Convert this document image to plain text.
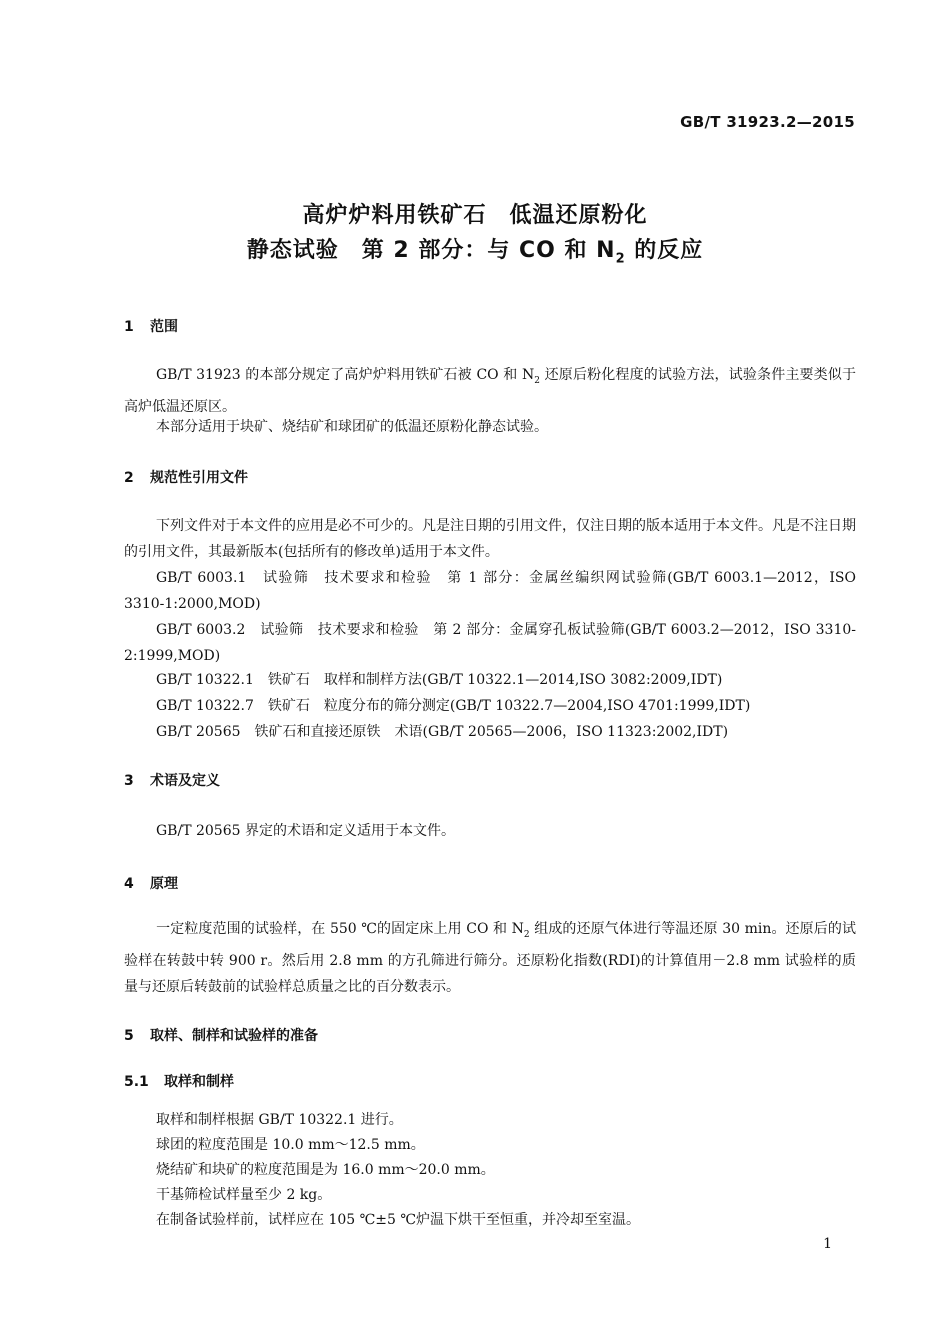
GB/T 31923.2—2015
高炉炉料用铁矿石　低温还原粉化
静态试验　第 2 部分：与 CO 和 $N_2$ 的反应
1 范围
GB/T 31923 的本部分规定了高炉炉料用铁矿石被 CO 和 $N_2$ 还原后粉化程度的试验方法，试验条件主要类似于高炉低温还原区。
本部分适用于块矿、烧结矿和球团矿的低温还原粉化静态试验。
2 规范性引用文件
下列文件对于本文件的应用是必不可少的。凡是注日期的引用文件，仅注日期的版本适用于本文件。凡是不注日期的引用文件，其最新版本(包括所有的修改单)适用于本文件。
GB/T 6003.1　试验筛　技术要求和检验　第 1 部分：金属丝编织网试验筛(GB/T 6003.1—2012，ISO 3310-1:2000,MOD)
GB/T 6003.2　试验筛　技术要求和检验　第 2 部分：金属穿孔板试验筛(GB/T 6003.2—2012，ISO 3310-2:1999,MOD)
GB/T 10322.1　铁矿石　取样和制样方法(GB/T 10322.1—2014,ISO 3082:2009,IDT)
GB/T 10322.7　铁矿石　粒度分布的筛分测定(GB/T 10322.7—2004,ISO 4701:1999,IDT)
GB/T 20565　铁矿石和直接还原铁　术语(GB/T 20565—2006，ISO 11323:2002,IDT)
3 术语及定义
GB/T 20565 界定的术语和定义适用于本文件。
4 原理
一定粒度范围的试验样，在 550 ℃的固定床上用 CO 和 $N_2$ 组成的还原气体进行等温还原 30 min。还原后的试验样在转鼓中转 900 r。然后用 2.8 mm 的方孔筛进行筛分。还原粉化指数(RDI)的计算值用－2.8 mm 试验样的质量与还原后转鼓前的试验样总质量之比的百分数表示。
5 取样、制样和试验样的准备
5.1 取样和制样
取样和制样根据 GB/T 10322.1 进行。
球团的粒度范围是 10.0 mm～12.5 mm。
烧结矿和块矿的粒度范围是为 16.0 mm～20.0 mm。
干基筛检试样量至少 2 kg。
在制备试验样前，试样应在 105 ℃±5 ℃炉温下烘干至恒重，并冷却至室温。
1
